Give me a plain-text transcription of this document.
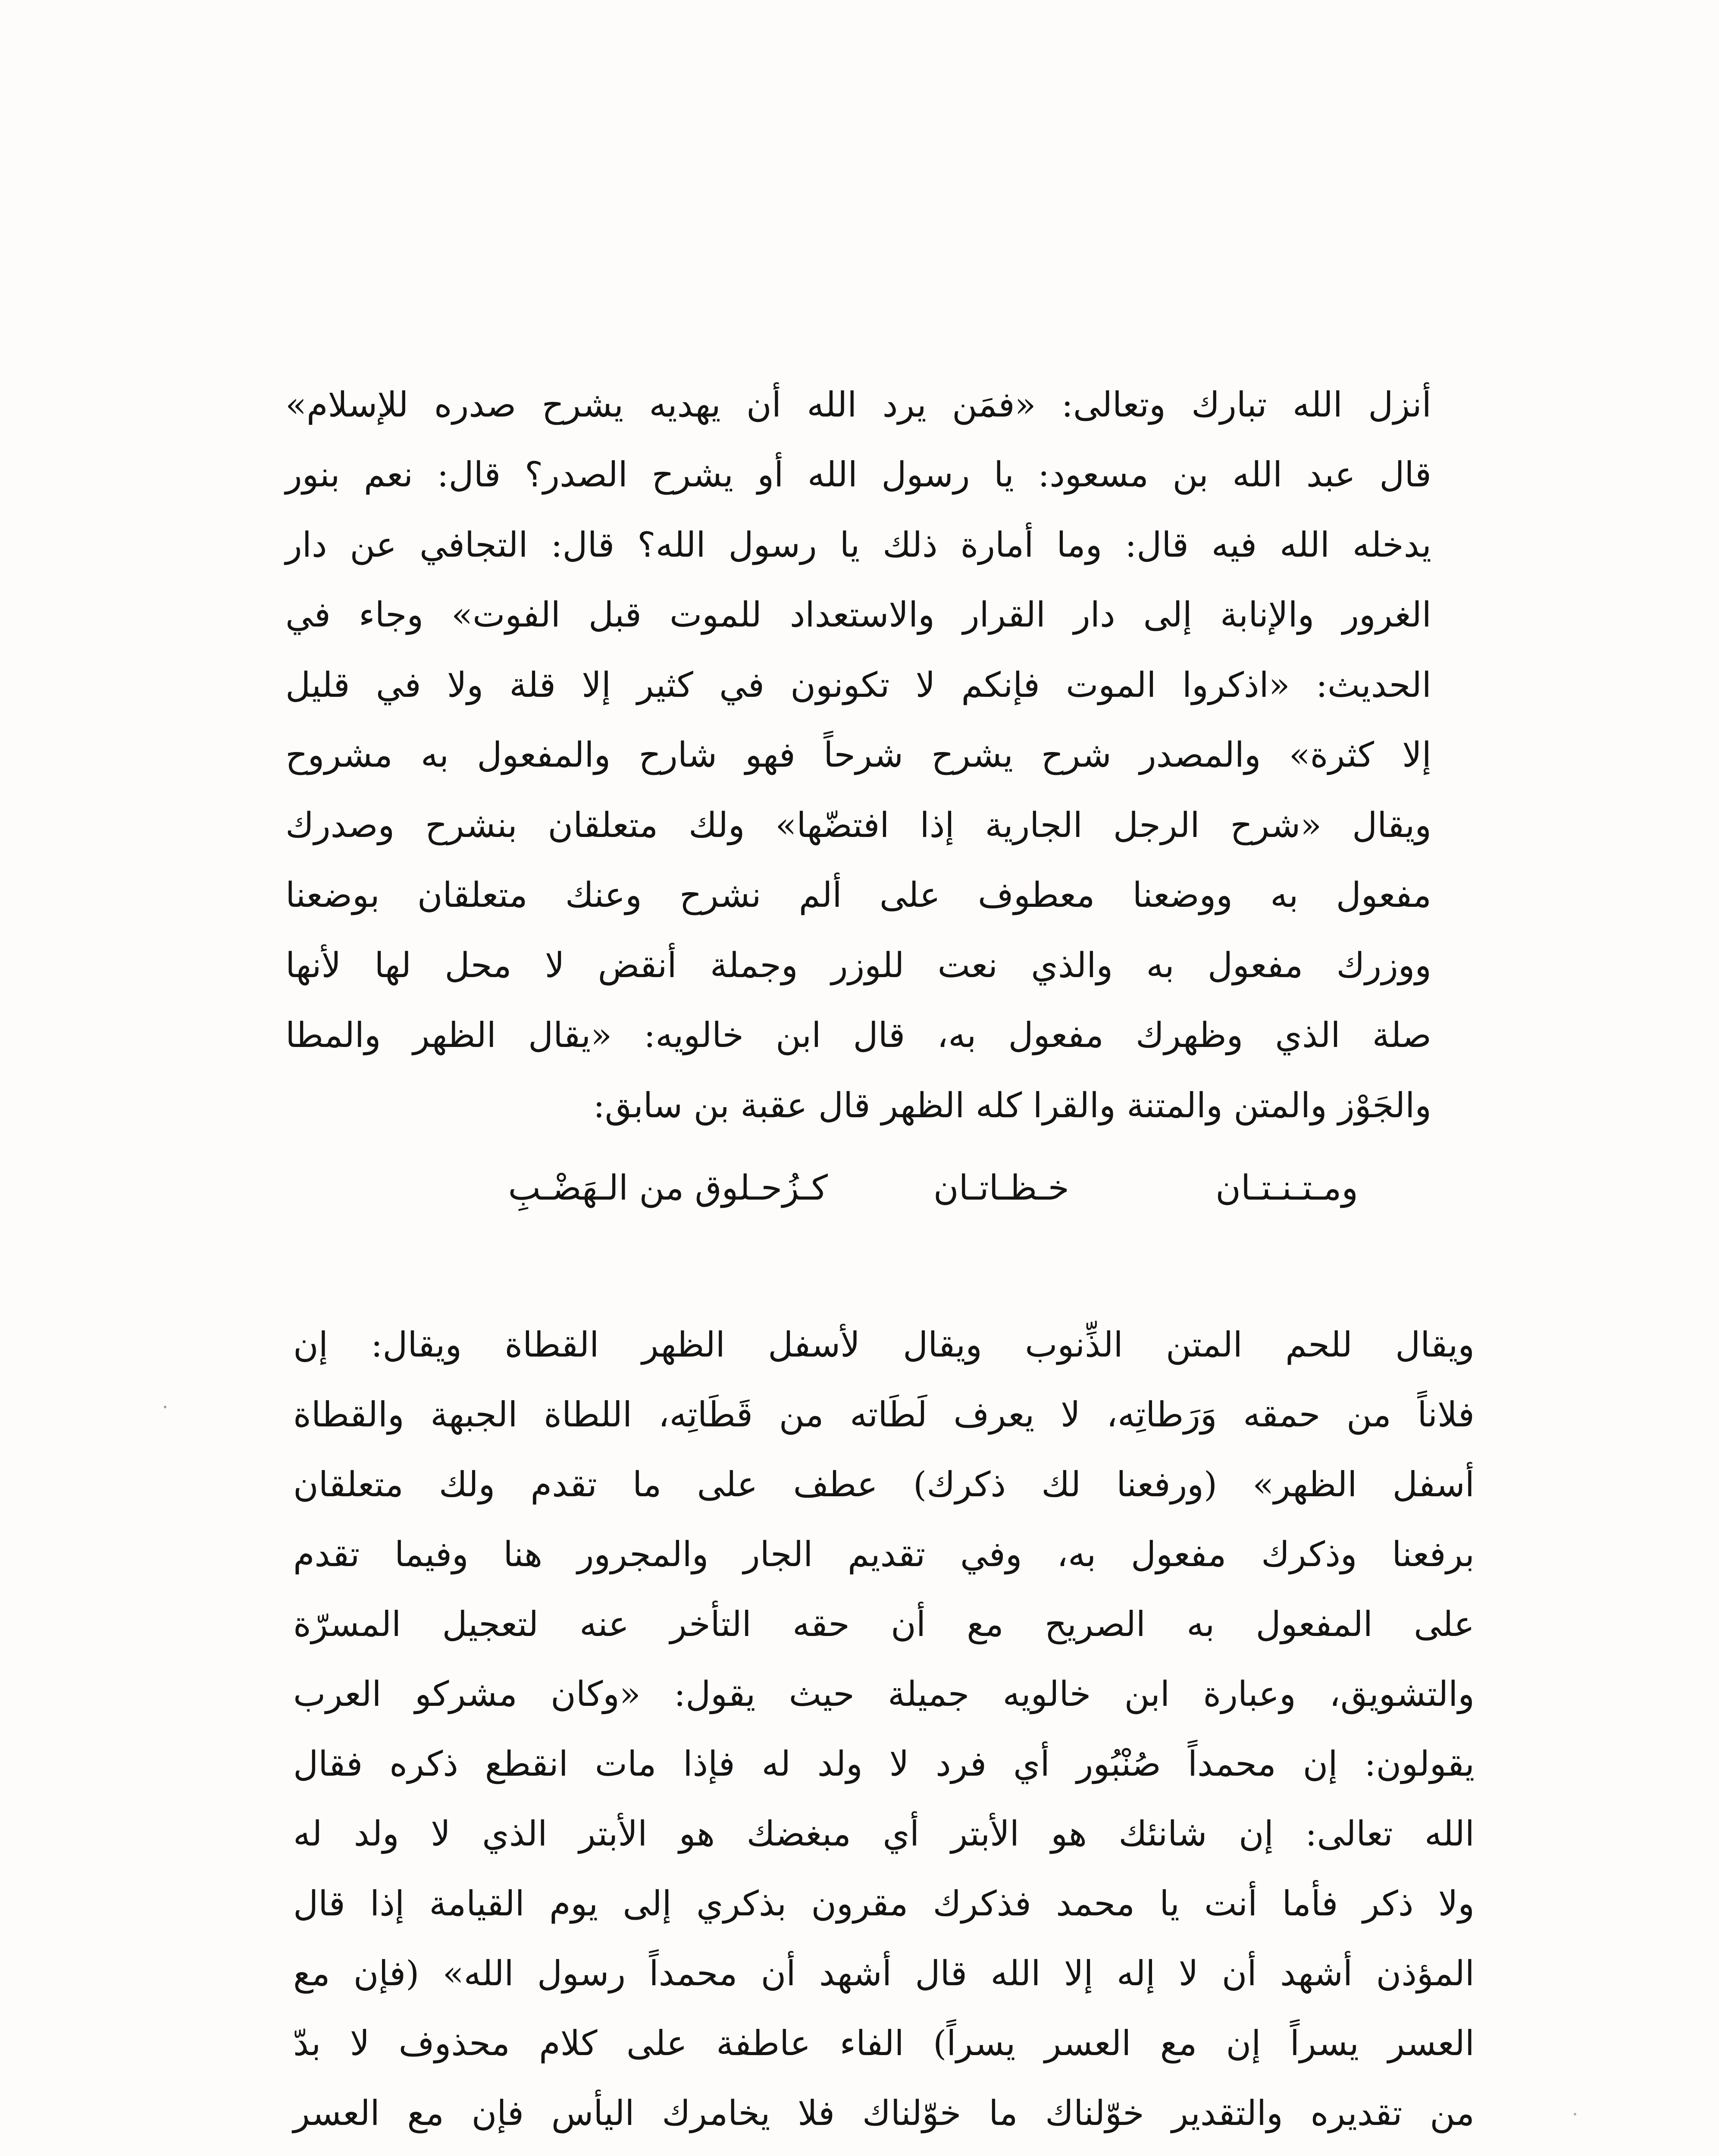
أنزل الله تبارك وتعالى: «فمَن يرد الله أن يهديه يشرح صدره للإسلام»
قال عبد الله بن مسعود: يا رسول الله أو يشرح الصدر؟ قال: نعم بنور
يدخله الله فيه قال: وما أمارة ذلك يا رسول الله؟ قال: التجافي عن دار
الغرور والإنابة إلى دار القرار والاستعداد للموت قبل الفوت» وجاء في
الحديث: «اذكروا الموت فإنكم لا تكونون في كثير إلا قلة ولا في قليل
إلا كثرة» والمصدر شرح يشرح شرحاً فهو شارح والمفعول به مشروح
ويقال «شرح الرجل الجارية إذا افتضّها» ولك متعلقان بنشرح وصدرك
مفعول به ووضعنا معطوف على ألم نشرح وعنك متعلقان بوضعنا
ووزرك مفعول به والذي نعت للوزر وجملة أنقض لا محل لها لأنها
صلة الذي وظهرك مفعول به، قال ابن خالويه: «يقال الظهر والمطا
والجَوْز والمتن والمتنة والقرا كله الظهر قال عقبة بن سابق:
ومـتـنـتـان
خـظـاتـان
كـزُحـلوق من الـهَضْـبِ
ويقال للحم المتن الذِّنوب ويقال لأسفل الظهر القطاة ويقال: إن
فلاناً من حمقه وَرَطاتِه، لا يعرف لَطَاته من قَطَاتِه، اللطاة الجبهة والقطاة
أسفل الظهر» (ورفعنا لك ذكرك) عطف على ما تقدم ولك متعلقان
برفعنا وذكرك مفعول به، وفي تقديم الجار والمجرور هنا وفيما تقدم
على المفعول به الصريح مع أن حقه التأخر عنه لتعجيل المسرّة
والتشويق، وعبارة ابن خالويه جميلة حيث يقول: «وكان مشركو العرب
يقولون: إن محمداً صُنْبُور أي فرد لا ولد له فإذا مات انقطع ذكره فقال
الله تعالى: إن شانئك هو الأبتر أي مبغضك هو الأبتر الذي لا ولد له
ولا ذكر فأما أنت يا محمد فذكرك مقرون بذكري إلى يوم القيامة إذا قال
المؤذن أشهد أن لا إله إلا الله قال أشهد أن محمداً رسول الله» (فإن مع
العسر يسراً إن مع العسر يسراً) الفاء عاطفة على كلام محذوف لا بدّ
من تقديره والتقدير خوّلناك ما خوّلناك فلا يخامرك اليأس فإن مع العسر
